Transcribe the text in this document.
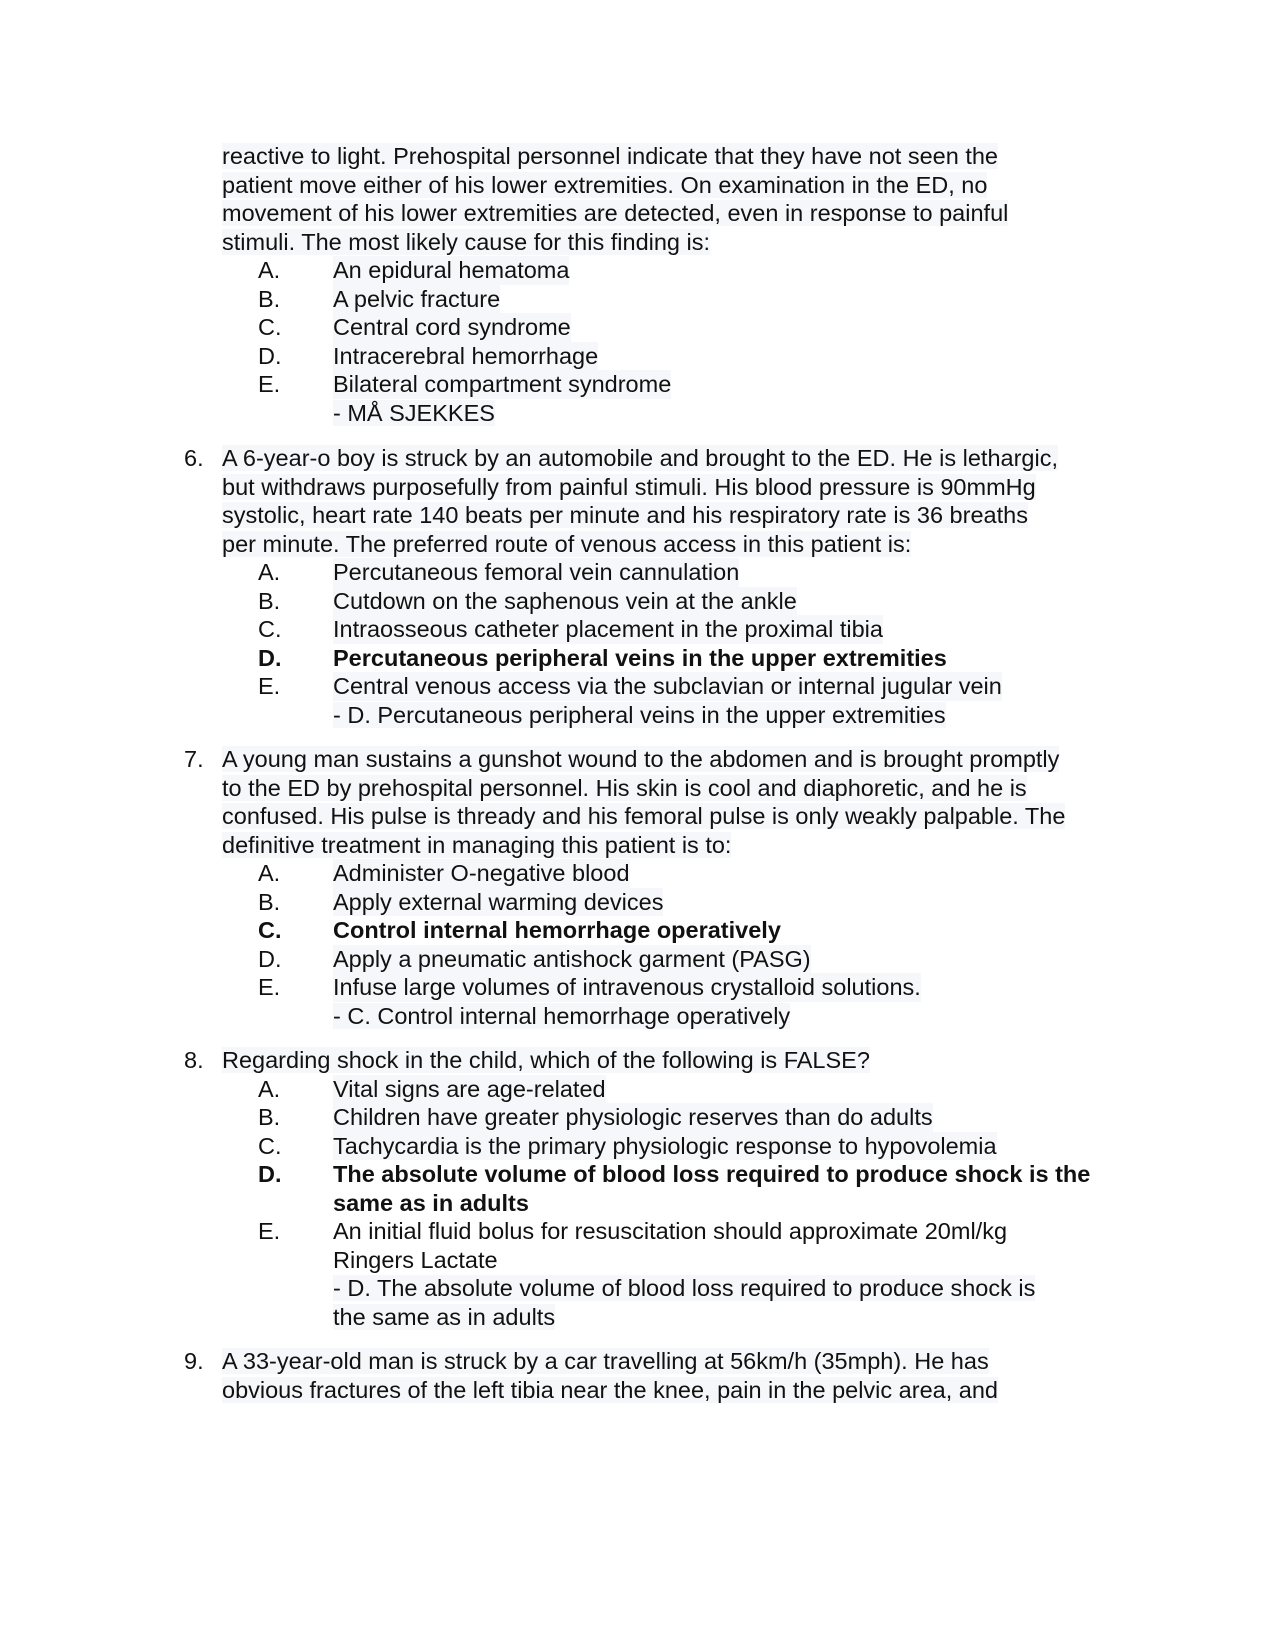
reactive to light. Prehospital personnel indicate that they have not seen the
patient move either of his lower extremities. On examination in the ED, no
movement of his lower extremities are detected, even in response to painful
stimuli. The most likely cause for this finding is:
A. An epidural hematoma
B. A pelvic fracture
C. Central cord syndrome
D. Intracerebral hemorrhage
E. Bilateral compartment syndrome
- MÅ SJEKKES
6. A 6-year-o boy is struck by an automobile and brought to the ED. He is lethargic,
but withdraws purposefully from painful stimuli. His blood pressure is 90mmHg
systolic, heart rate 140 beats per minute and his respiratory rate is 36 breaths
per minute. The preferred route of venous access in this patient is:
A. Percutaneous femoral vein cannulation
B. Cutdown on the saphenous vein at the ankle
C. Intraosseous catheter placement in the proximal tibia
D. Percutaneous peripheral veins in the upper extremities
E. Central venous access via the subclavian or internal jugular vein
- D. Percutaneous peripheral veins in the upper extremities
7. A young man sustains a gunshot wound to the abdomen and is brought promptly
to the ED by prehospital personnel. His skin is cool and diaphoretic, and he is
confused. His pulse is thready and his femoral pulse is only weakly palpable. The
definitive treatment in managing this patient is to:
A. Administer O-negative blood
B. Apply external warming devices
C. Control internal hemorrhage operatively
D. Apply a pneumatic antishock garment (PASG)
E. Infuse large volumes of intravenous crystalloid solutions.
- C. Control internal hemorrhage operatively
8. Regarding shock in the child, which of the following is FALSE?
A. Vital signs are age-related
B. Children have greater physiologic reserves than do adults
C. Tachycardia is the primary physiologic response to hypovolemia
D. The absolute volume of blood loss required to produce shock is the same as in adults
E. An initial fluid bolus for resuscitation should approximate 20ml/kg Ringers Lactate
- D. The absolute volume of blood loss required to produce shock is
the same as in adults
9. A 33-year-old man is struck by a car travelling at 56km/h (35mph). He has
obvious fractures of the left tibia near the knee, pain in the pelvic area, and
